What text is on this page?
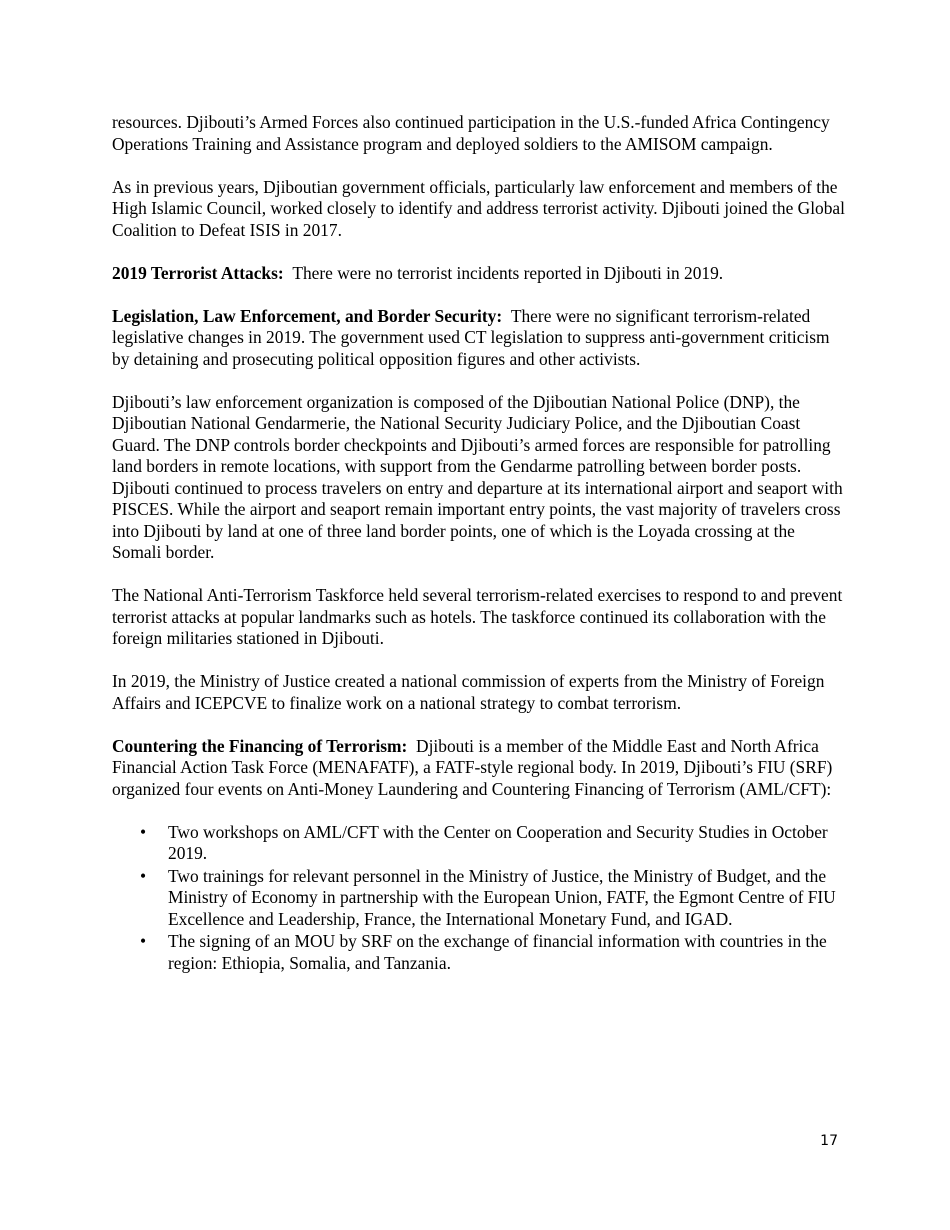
resources. Djibouti’s Armed Forces also continued participation in the U.S.-funded Africa Contingency Operations Training and Assistance program and deployed soldiers to the AMISOM campaign.

As in previous years, Djiboutian government officials, particularly law enforcement and members of the High Islamic Council, worked closely to identify and address terrorist activity. Djibouti joined the Global Coalition to Defeat ISIS in 2017.

2019 Terrorist Attacks: There were no terrorist incidents reported in Djibouti in 2019.

Legislation, Law Enforcement, and Border Security: There were no significant terrorism-related legislative changes in 2019. The government used CT legislation to suppress anti-government criticism by detaining and prosecuting political opposition figures and other activists.

Djibouti’s law enforcement organization is composed of the Djiboutian National Police (DNP), the Djiboutian National Gendarmerie, the National Security Judiciary Police, and the Djiboutian Coast Guard. The DNP controls border checkpoints and Djibouti’s armed forces are responsible for patrolling land borders in remote locations, with support from the Gendarme patrolling between border posts. Djibouti continued to process travelers on entry and departure at its international airport and seaport with PISCES. While the airport and seaport remain important entry points, the vast majority of travelers cross into Djibouti by land at one of three land border points, one of which is the Loyada crossing at the Somali border.

The National Anti-Terrorism Taskforce held several terrorism-related exercises to respond to and prevent terrorist attacks at popular landmarks such as hotels. The taskforce continued its collaboration with the foreign militaries stationed in Djibouti.

In 2019, the Ministry of Justice created a national commission of experts from the Ministry of Foreign Affairs and ICEPCVE to finalize work on a national strategy to combat terrorism.

Countering the Financing of Terrorism: Djibouti is a member of the Middle East and North Africa Financial Action Task Force (MENAFATF), a FATF-style regional body. In 2019, Djibouti’s FIU (SRF) organized four events on Anti-Money Laundering and Countering Financing of Terrorism (AML/CFT):

• Two workshops on AML/CFT with the Center on Cooperation and Security Studies in October 2019.
• Two trainings for relevant personnel in the Ministry of Justice, the Ministry of Budget, and the Ministry of Economy in partnership with the European Union, FATF, the Egmont Centre of FIU Excellence and Leadership, France, the International Monetary Fund, and IGAD.
• The signing of an MOU by SRF on the exchange of financial information with countries in the region: Ethiopia, Somalia, and Tanzania.
17
